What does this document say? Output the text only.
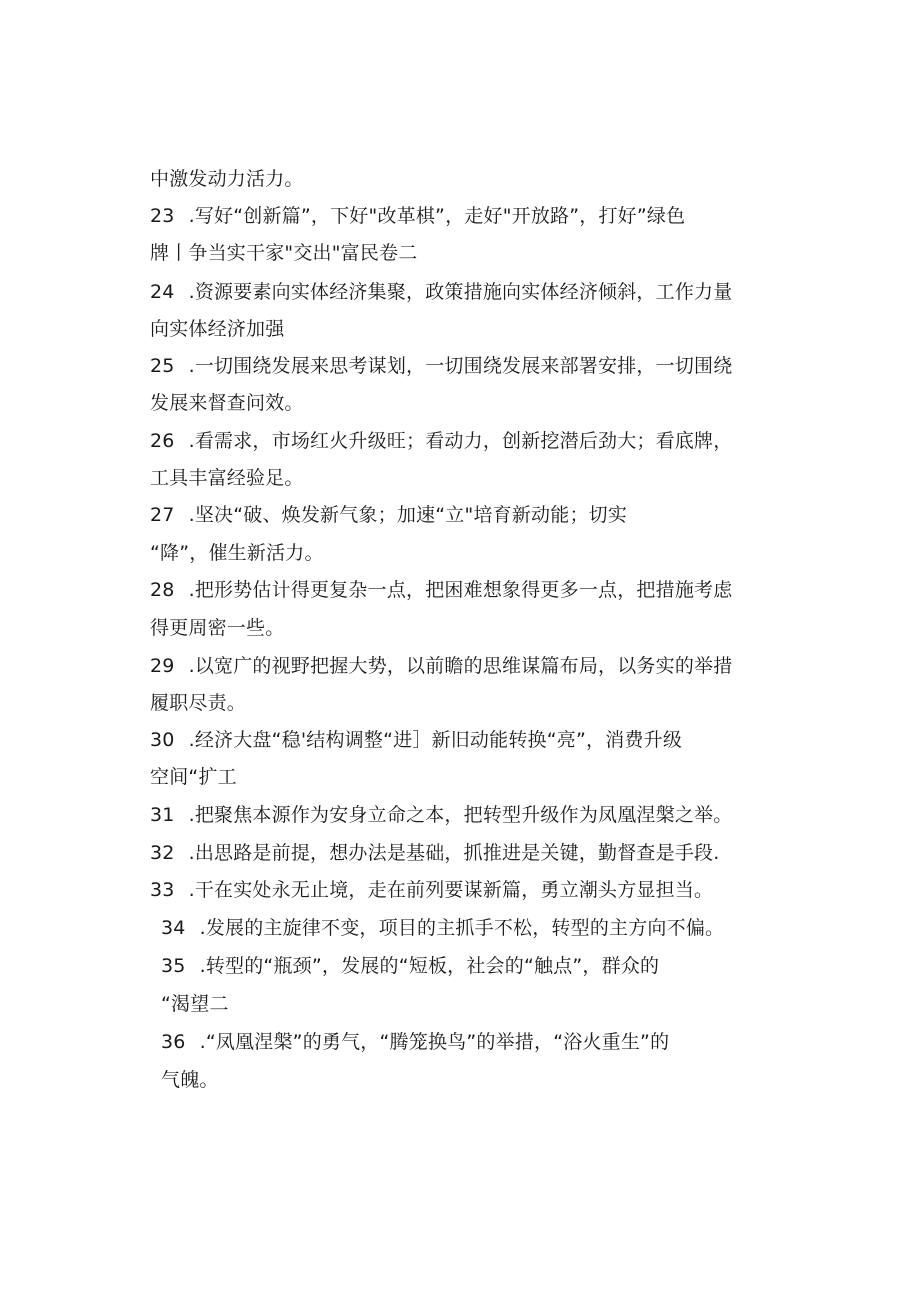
中激发动力活力。
23 .写好“创新篇”，下好"改革棋”，走好"开放路”，打好”绿色
牌丨争当实干家"交出"富民卷二
24 .资源要素向实体经济集聚，政策措施向实体经济倾斜，工作力量
向实体经济加强
25 .一切围绕发展来思考谋划，一切围绕发展来部署安排，一切围绕
发展来督查问效。
26 .看需求，市场红火升级旺；看动力，创新挖潜后劲大；看底牌，
工具丰富经验足。
27 .坚决“破、焕发新气象；加速“立"培育新动能；切实
“降”，催生新活力。
28 .把形势估计得更复杂一点，把困难想象得更多一点，把措施考虑
得更周密一些。
29 .以宽广的视野把握大势，以前瞻的思维谋篇布局，以务实的举措
履职尽责。
30 .经济大盘“稳'结构调整“进］新旧动能转换“亮”，消费升级
空间“扩工
31 .把聚焦本源作为安身立命之本，把转型升级作为凤凰涅槃之举。
32 .出思路是前提，想办法是基础，抓推进是关键，勤督查是手段.
33 .干在实处永无止境，走在前列要谋新篇，勇立潮头方显担当。
34 .发展的主旋律不变，项目的主抓手不松，转型的主方向不偏。
35 .转型的“瓶颈”，发展的“短板，社会的“触点”，群众的
“渴望二
36 .“凤凰涅槃”的勇气，“腾笼换鸟”的举措，“浴火重生”的
气魄。
